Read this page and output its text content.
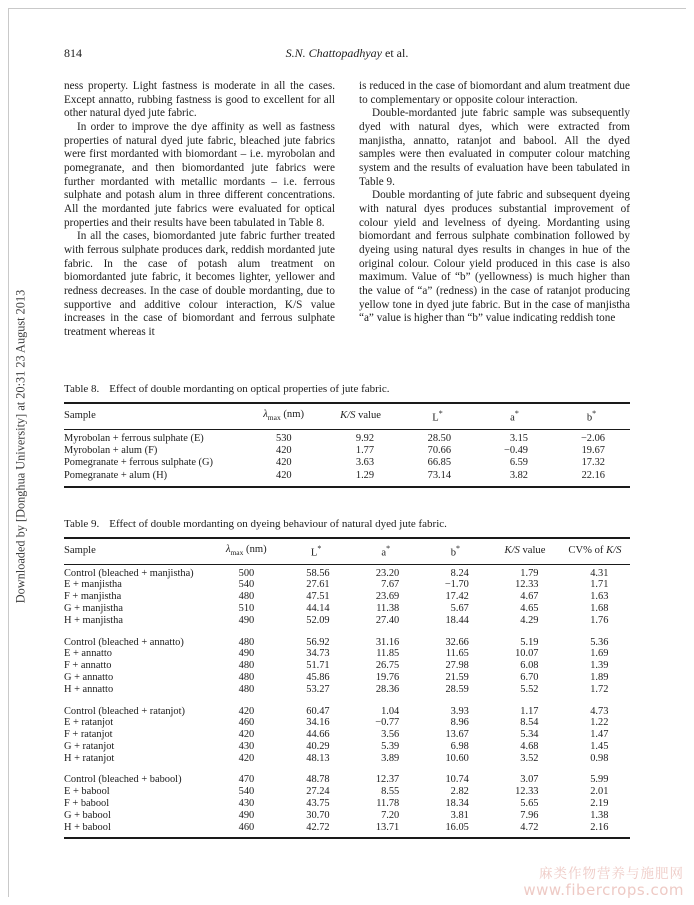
Downloaded by [Donghua University] at 20:31 23 August 2013
814	S.N. Chattopadhyay et al.

ness property. Light fastness is moderate in all the cases. Except annatto, rubbing fastness is good to excellent for all other natural dyed jute fabric.

In order to improve the dye affinity as well as fastness properties of natural dyed jute fabric, bleached jute fabrics were first mordanted with biomordant – i.e. myrobolan and pomegranate, and then biomordanted jute fabrics were further mordanted with metallic mordants – i.e. ferrous sulphate and potash alum in three different concentrations. All the mordanted jute fabrics were evaluated for optical properties and their results have been tabulated in Table 8.

In all the cases, biomordanted jute fabric further treated with ferrous sulphate produces dark, reddish mordanted jute fabric. In the case of potash alum treatment on biomordanted jute fabric, it becomes lighter, yellower and redness decreases. In the case of double mordanting, due to supportive and additive colour interaction, K/S value increases in the case of biomordant and ferrous sulphate treatment whereas it

is reduced in the case of biomordant and alum treatment due to complementary or opposite colour interaction.

Double-mordanted jute fabric sample was subsequently dyed with natural dyes, which were extracted from manjistha, annatto, ratanjot and babool. All the dyed samples were then evaluated in computer colour matching system and the results of evaluation have been tabulated in Table 9.

Double mordanting of jute fabric and subsequent dyeing with natural dyes produces substantial improvement of colour yield and levelness of dyeing. Mordanting using biomordant and ferrous sulphate combination followed by dyeing using natural dyes results in changes in hue of the original colour. Colour yield produced in this case is also maximum. Value of “b” (yellowness) is much higher than the value of “a” (redness) in the case of ratanjot producing yellow tone in dyed jute fabric. But in the case of manjistha “a” value is higher than “b” value indicating reddish tone

Table 8. Effect of double mordanting on optical properties of jute fabric.

Sample	$\lambda_{max}$ (nm)	K/S value	L*	a*	b*
Myrobolan + ferrous sulphate (E)	530	9.92	28.50	3.15	−2.06
Myrobolan + alum (F)	420	1.77	70.66	−0.49	19.67
Pomegranate + ferrous sulphate (G)	420	3.63	66.85	6.59	17.32
Pomegranate + alum (H)	420	1.29	73.14	3.82	22.16

Table 9. Effect of double mordanting on dyeing behaviour of natural dyed jute fabric.

Sample	$\lambda_{max}$ (nm)	L*	a*	b*	K/S value	CV% of K/S
Control (bleached + manjistha)	500	58.56	23.20	8.24	1.79	4.31
E + manjistha	540	27.61	7.67	−1.70	12.33	1.71
F + manjistha	480	47.51	23.69	17.42	4.67	1.63
G + manjistha	510	44.14	11.38	5.67	4.65	1.68
H + manjistha	490	52.09	27.40	18.44	4.29	1.76

Control (bleached + annatto)	480	56.92	31.16	32.66	5.19	5.36
E + annatto	490	34.73	11.85	11.65	10.07	1.69
F + annatto	480	51.71	26.75	27.98	6.08	1.39
G + annatto	480	45.86	19.76	21.59	6.70	1.89
H + annatto	480	53.27	28.36	28.59	5.52	1.72

Control (bleached + ratanjot)	420	60.47	1.04	3.93	1.17	4.73
E + ratanjot	460	34.16	−0.77	8.96	8.54	1.22
F + ratanjot	420	44.66	3.56	13.67	5.34	1.47
G + ratanjot	430	40.29	5.39	6.98	4.68	1.45
H + ratanjot	420	48.13	3.89	10.60	3.52	0.98

Control (bleached + babool)	470	48.78	12.37	10.74	3.07	5.99
E + babool	540	27.24	8.55	2.82	12.33	2.01
F + babool	430	43.75	11.78	18.34	5.65	2.19
G + babool	490	30.70	7.20	3.81	7.96	1.38
H + babool	460	42.72	13.71	16.05	4.72	2.16
麻类作物营养与施肥网
www.fibercrops.com
